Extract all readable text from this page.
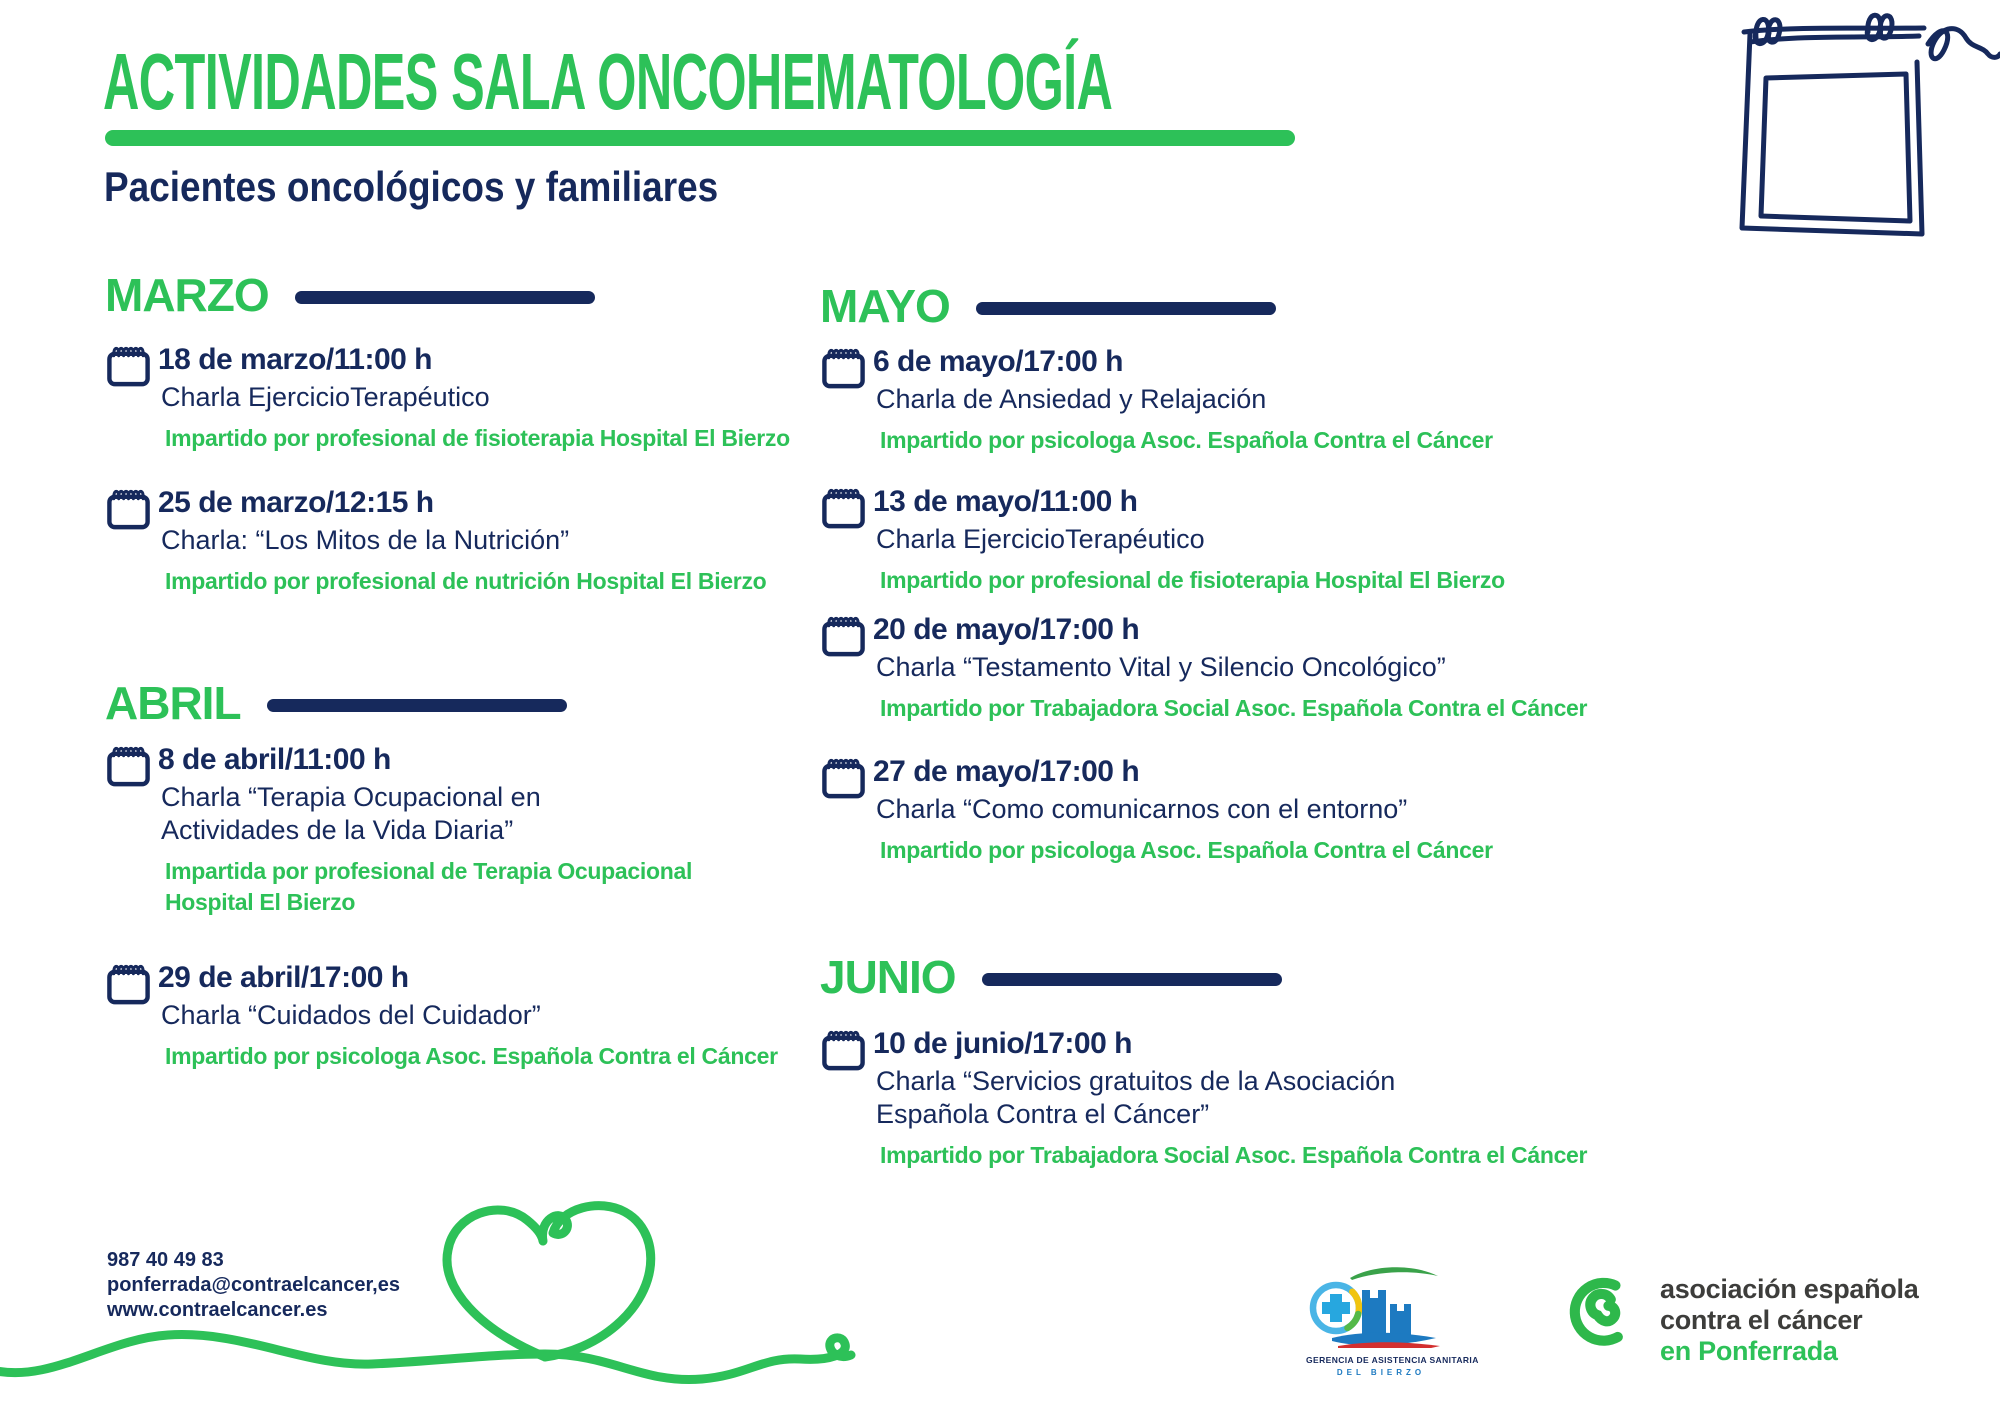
ACTIVIDADES SALA ONCOHEMATOLOGÍA
Pacientes oncológicos y familiares
MARZO
18 de marzo/11:00 h
Charla EjercicioTerapéutico
Impartido por profesional de fisioterapia Hospital El Bierzo
25 de marzo/12:15 h
Charla: “Los Mitos de la Nutrición”
Impartido por profesional de nutrición Hospital El Bierzo
ABRIL
8 de abril/11:00 h
Charla “Terapia Ocupacional en
Actividades de la Vida Diaria”
Impartida por profesional de Terapia Ocupacional
Hospital El Bierzo
29 de abril/17:00 h
Charla “Cuidados del Cuidador”
Impartido por psicologa Asoc. Española Contra el Cáncer
MAYO
6 de mayo/17:00 h
Charla de Ansiedad y Relajación
Impartido por psicologa Asoc. Española Contra el Cáncer
13 de mayo/11:00 h
Charla EjercicioTerapéutico
Impartido por profesional de fisioterapia Hospital El Bierzo
20 de mayo/17:00 h
Charla “Testamento Vital y Silencio Oncológico”
Impartido por Trabajadora Social Asoc. Española Contra el Cáncer
27 de mayo/17:00 h
Charla “Como comunicarnos con el entorno”
Impartido por psicologa Asoc. Española Contra el Cáncer
JUNIO
10 de junio/17:00 h
Charla “Servicios gratuitos de la Asociación
Española Contra el Cáncer”
Impartido por Trabajadora Social Asoc. Española Contra el Cáncer
987 40 49 83
ponferrada@contraelcancer,es
www.contraelcancer.es
GERENCIA DE ASISTENCIA SANITARIA
DEL BIERZO
asociación española
contra el cáncer
en Ponferrada
